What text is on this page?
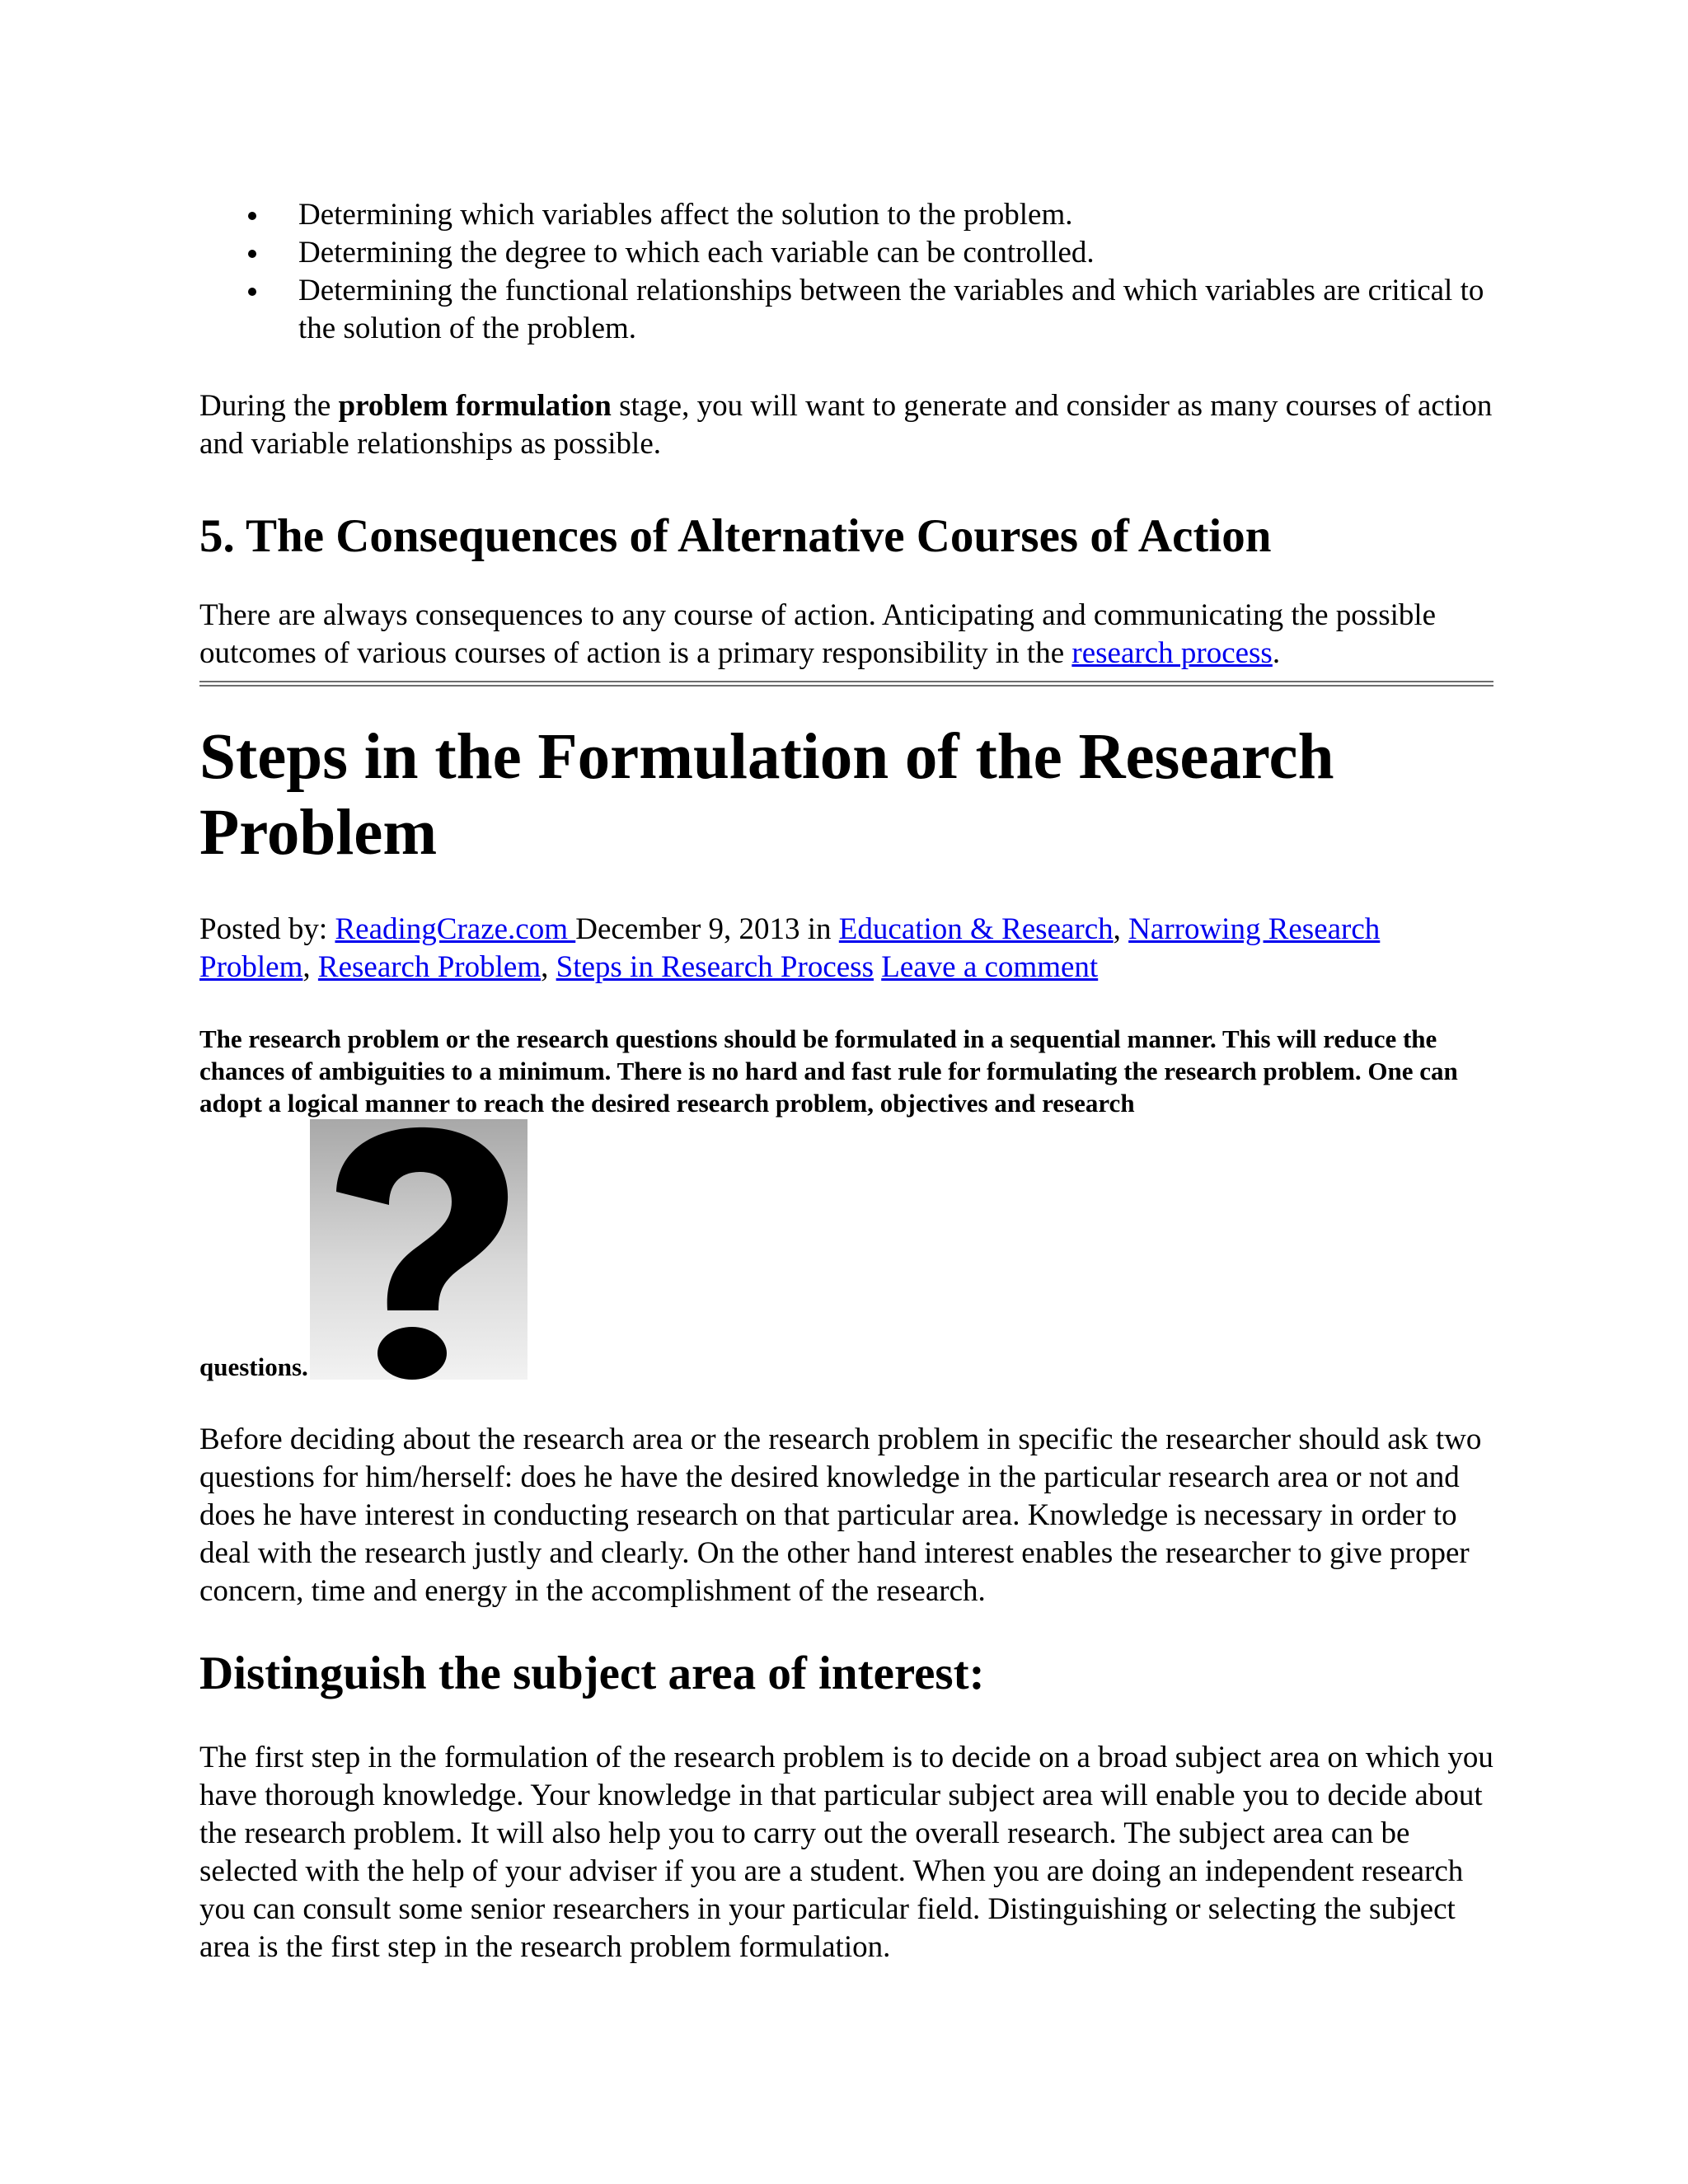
Determining which variables affect the solution to the problem.
Determining the degree to which each variable can be controlled.
Determining the functional relationships between the variables and which variables are critical to the solution of the problem.

During the problem formulation stage, you will want to generate and consider as many courses of action and variable relationships as possible.

5. The Consequences of Alternative Courses of Action

There are always consequences to any course of action. Anticipating and communicating the possible outcomes of various courses of action is a primary responsibility in the research process.

Steps in the Formulation of the Research Problem

Posted by: ReadingCraze.com December 9, 2013 in Education & Research, Narrowing Research Problem, Research Problem, Steps in Research Process Leave a comment

The research problem or the research questions should be formulated in a sequential manner. This will reduce the chances of ambiguities to a minimum. There is no hard and fast rule for formulating the research problem. One can adopt a logical manner to reach the desired research problem, objectives and research

questions.

Before deciding about the research area or the research problem in specific the researcher should ask two questions for him/herself: does he have the desired knowledge in the particular research area or not and does he have interest in conducting research on that particular area. Knowledge is necessary in order to deal with the research justly and clearly. On the other hand interest enables the researcher to give proper concern, time and energy in the accomplishment of the research.

Distinguish the subject area of interest:

The first step in the formulation of the research problem is to decide on a broad subject area on which you have thorough knowledge. Your knowledge in that particular subject area will enable you to decide about the research problem. It will also help you to carry out the overall research. The subject area can be selected with the help of your adviser if you are a student. When you are doing an independent research you can consult some senior researchers in your particular field. Distinguishing or selecting the subject area is the first step in the research problem formulation.
